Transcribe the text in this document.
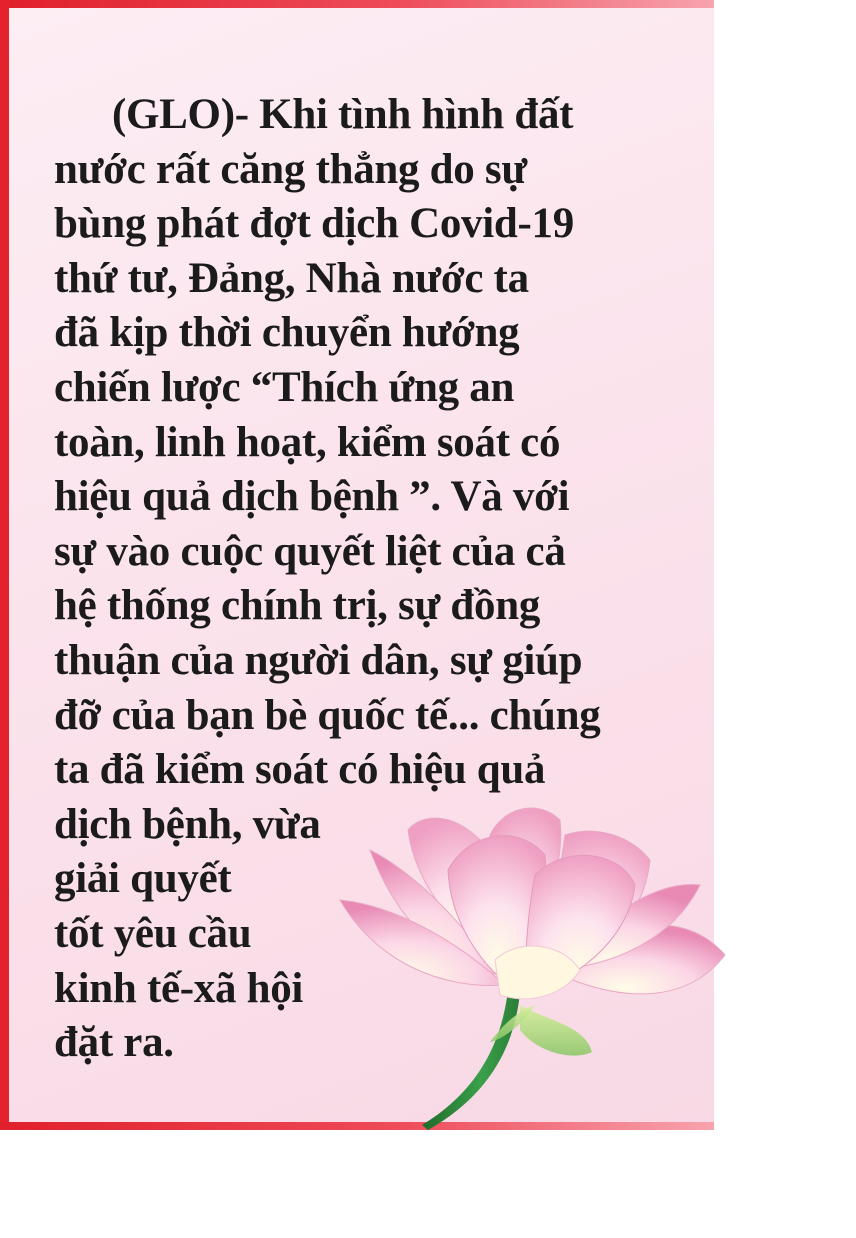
(GLO)- Khi tình hình đất
nước rất căng thẳng do sự
bùng phát đợt dịch Covid-19
thứ tư, Đảng, Nhà nước ta
đã kịp thời chuyển hướng
chiến lược “Thích ứng an
toàn, linh hoạt, kiểm soát có
hiệu quả dịch bệnh ”. Và với
sự vào cuộc quyết liệt của cả
hệ thống chính trị, sự đồng
thuận của người dân, sự giúp
đỡ của bạn bè quốc tế... chúng
ta đã kiểm soát có hiệu quả
dịch bệnh, vừa
giải quyết
tốt yêu cầu
kinh tế-xã hội
đặt ra.
